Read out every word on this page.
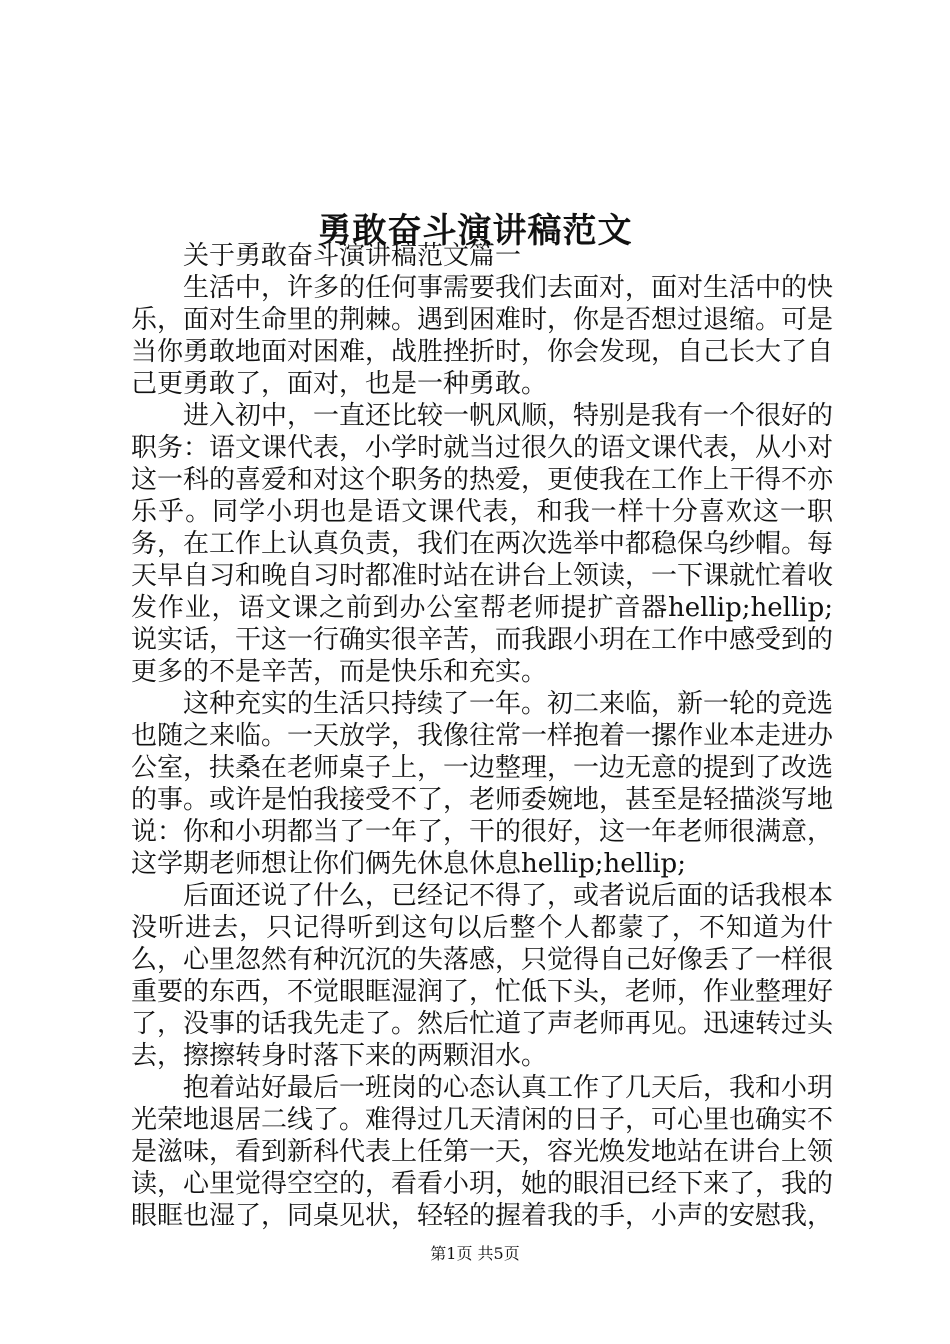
勇敢奋斗演讲稿范文

关于勇敢奋斗演讲稿范文篇一

生活中，许多的任何事需要我们去面对，面对生活中的快乐，面对生命里的荆棘。遇到困难时，你是否想过退缩。可是当你勇敢地面对困难，战胜挫折时，你会发现，自己长大了自己更勇敢了，面对，也是一种勇敢。

进入初中，一直还比较一帆风顺，特别是我有一个很好的职务：语文课代表，小学时就当过很久的语文课代表，从小对这一科的喜爱和对这个职务的热爱，更使我在工作上干得不亦乐乎。同学小玥也是语文课代表，和我一样十分喜欢这一职务，在工作上认真负责，我们在两次选举中都稳保乌纱帽。每天早自习和晚自习时都准时站在讲台上领读，一下课就忙着收发作业，语文课之前到办公室帮老师提扩音器hellip;hellip;说实话，干这一行确实很辛苦，而我跟小玥在工作中感受到的更多的不是辛苦，而是快乐和充实。

这种充实的生活只持续了一年。初二来临，新一轮的竞选也随之来临。一天放学，我像往常一样抱着一摞作业本走进办公室，扶桑在老师桌子上，一边整理，一边无意的提到了改选的事。或许是怕我接受不了，老师委婉地，甚至是轻描淡写地说：你和小玥都当了一年了，干的很好，这一年老师很满意，这学期老师想让你们俩先休息休息hellip;hellip;

后面还说了什么，已经记不得了，或者说后面的话我根本没听进去，只记得听到这句以后整个人都蒙了，不知道为什么，心里忽然有种沉沉的失落感，只觉得自己好像丢了一样很重要的东西，不觉眼眶湿润了，忙低下头，老师，作业整理好了，没事的话我先走了。然后忙道了声老师再见。迅速转过头去，擦擦转身时落下来的两颗泪水。

抱着站好最后一班岗的心态认真工作了几天后，我和小玥光荣地退居二线了。难得过几天清闲的日子，可心里也确实不是滋味，看到新科代表上任第一天，容光焕发地站在讲台上领读，心里觉得空空的，看看小玥，她的眼泪已经下来了，我的眼眶也湿了，同桌见状，轻轻的握着我的手，小声的安慰我，

第1页 共5页
